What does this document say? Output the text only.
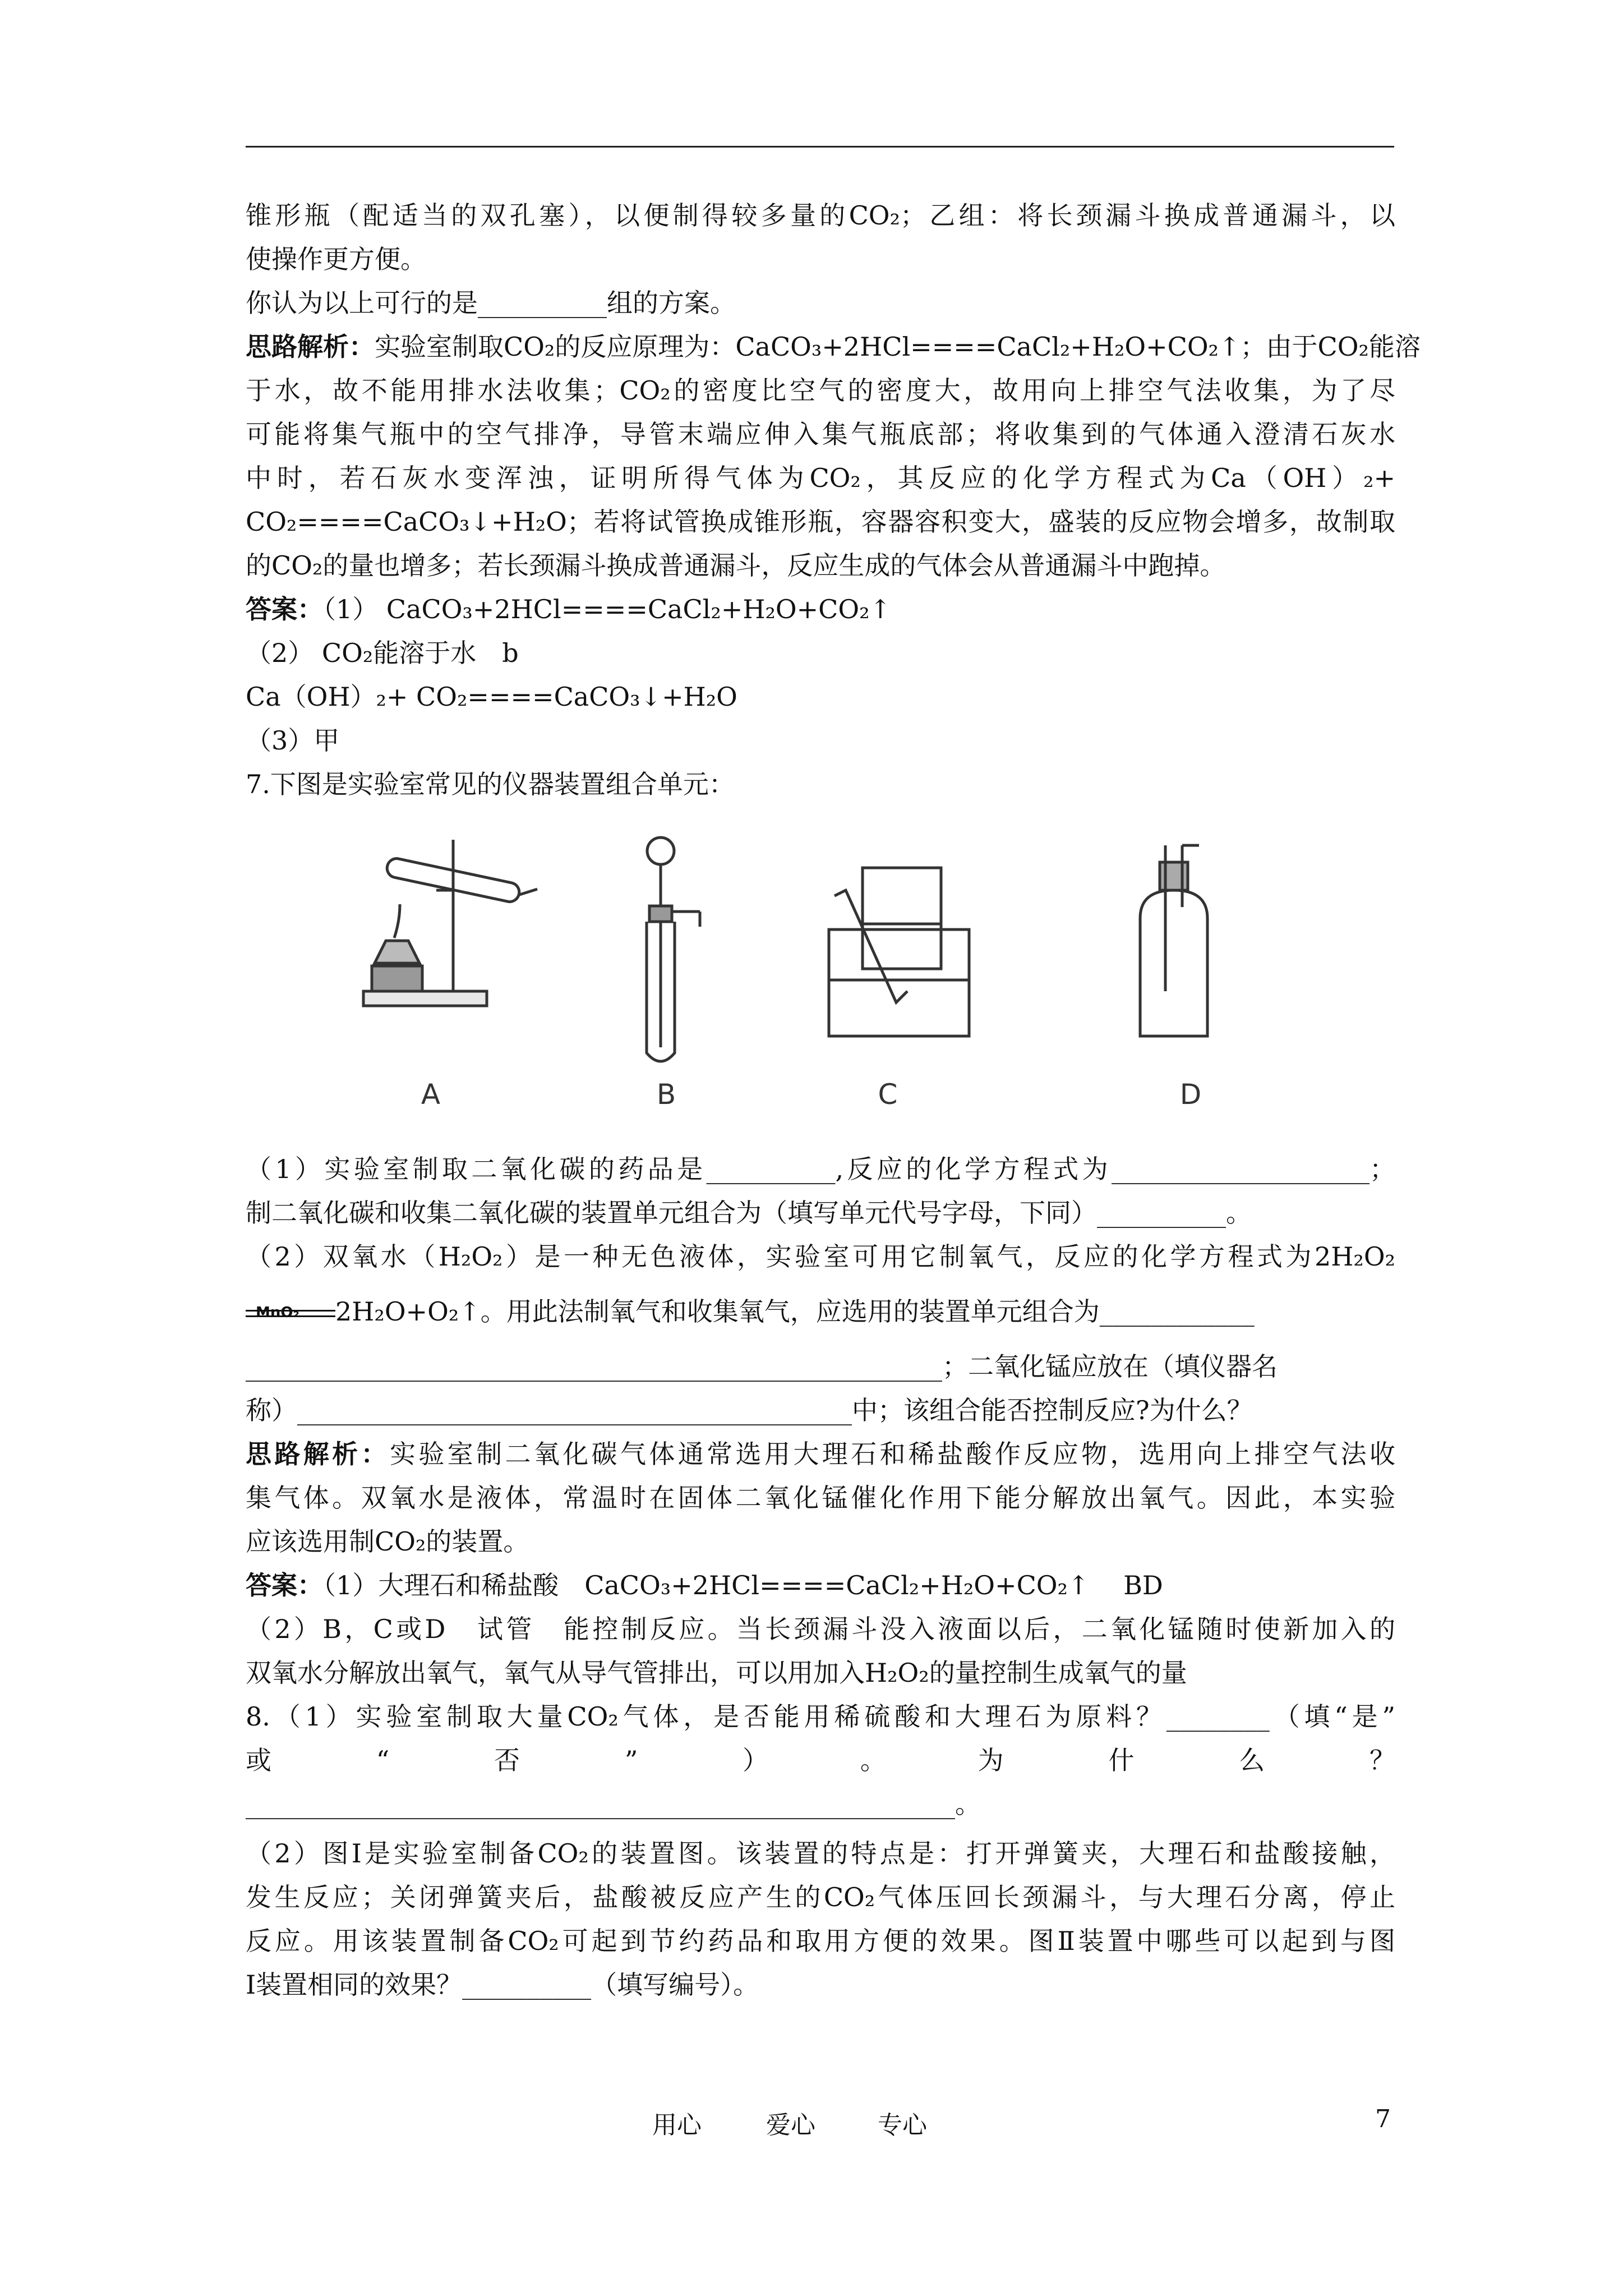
锥形瓶（配适当的双孔塞），以便制得较多量的CO₂；乙组：将长颈漏斗换成普通漏斗，以
使操作更方便。
你认为以上可行的是__________组的方案。
思路解析：实验室制取CO₂的反应原理为：CaCO₃+2HCl====CaCl₂+H₂O+CO₂↑；由于CO₂能溶
于水，故不能用排水法收集；CO₂的密度比空气的密度大，故用向上排空气法收集，为了尽
可能将集气瓶中的空气排净，导管末端应伸入集气瓶底部；将收集到的气体通入澄清石灰水
中时，若石灰水变浑浊，证明所得气体为CO₂，其反应的化学方程式为Ca（OH）₂+
CO₂====CaCO₃↓+H₂O；若将试管换成锥形瓶，容器容积变大，盛装的反应物会增多，故制取
的CO₂的量也增多；若长颈漏斗换成普通漏斗，反应生成的气体会从普通漏斗中跑掉。
答案：（1） CaCO₃+2HCl====CaCl₂+H₂O+CO₂↑
（2） CO₂能溶于水　b
Ca（OH）₂+ CO₂====CaCO₃↓+H₂O
（3）甲
7.下图是实验室常见的仪器装置组合单元：
A	B	C	D
（1）实验室制取二氧化碳的药品是__________,反应的化学方程式为____________________；
制二氧化碳和收集二氧化碳的装置单元组合为（填写单元代号字母，下同）__________。
（2）双氧水（H₂O₂）是一种无色液体，实验室可用它制氧气，反应的化学方程式为2H₂O₂
MnO₂ 2H₂O+O₂↑。用此法制氧气和收集氧气，应选用的装置单元组合为____________
______________________________________________________；二氧化锰应放在（填仪器名
称）___________________________________________中；该组合能否控制反应?为什么？
思路解析：实验室制二氧化碳气体通常选用大理石和稀盐酸作反应物，选用向上排空气法收
集气体。双氧水是液体，常温时在固体二氧化锰催化作用下能分解放出氧气。因此，本实验
应该选用制CO₂的装置。
答案：（1）大理石和稀盐酸　CaCO₃+2HCl====CaCl₂+H₂O+CO₂↑　 BD
（2）B，C或D　试管　能控制反应。当长颈漏斗没入液面以后，二氧化锰随时使新加入的
双氧水分解放出氧气，氧气从导气管排出，可以用加入H₂O₂的量控制生成氧气的量
8.（1）实验室制取大量CO₂气体，是否能用稀硫酸和大理石为原料？________（填“是”
或　　　“　　　否　　　”　　　）　　　。　　　为　　　什　　　么　　　？
_______________________________________________________。
（2）图Ⅰ是实验室制备CO₂的装置图。该装置的特点是：打开弹簧夹，大理石和盐酸接触，
发生反应；关闭弹簧夹后，盐酸被反应产生的CO₂气体压回长颈漏斗，与大理石分离，停止
反应。用该装置制备CO₂可起到节约药品和取用方便的效果。图Ⅱ装置中哪些可以起到与图
Ⅰ装置相同的效果？__________（填写编号）。
用心	爱心	专心	7
